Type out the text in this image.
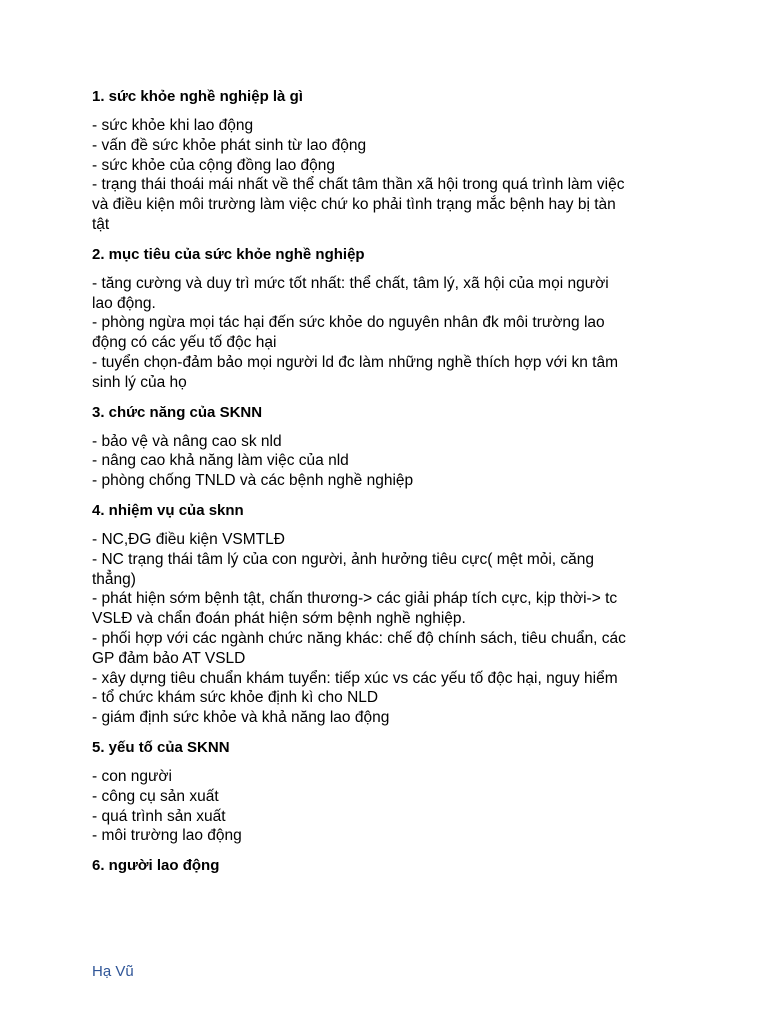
1. sức khỏe nghề nghiệp là gì
- sức khỏe khi lao động
- vấn đề sức khỏe phát sinh từ lao động
- sức khỏe của cộng đồng lao động
- trạng thái thoái mái nhất về thể chất tâm thần xã hội trong quá trình làm việc
và điều kiện môi trường làm việc chứ ko phải tình trạng mắc bệnh hay bị tàn
tật
2. mục tiêu của sức khỏe nghề nghiệp
- tăng cường và duy trì mức tốt nhất: thể chất, tâm lý, xã hội của mọi người
lao động.
- phòng ngừa mọi tác hại đến sức khỏe do nguyên nhân đk môi trường lao
động có các yếu tố độc hại
- tuyển chọn-đảm bảo mọi người ld đc làm những nghề thích hợp với kn tâm
sinh lý của họ
3. chức năng của SKNN
- bảo vệ và nâng cao sk nld
- nâng cao khả năng làm việc của nld
- phòng chống TNLD và các bệnh nghề nghiệp
4. nhiệm vụ của sknn
- NC,ĐG điều kiện VSMTLĐ
- NC trạng thái tâm lý của con người, ảnh hưởng tiêu cực( mệt mỏi, căng
thẳng)
- phát hiện sớm bệnh tật, chấn thương-> các giải pháp tích cực, kịp thời-> tc
VSLĐ và chẩn đoán phát hiện sớm bệnh nghề nghiệp.
- phối hợp với các ngành chức năng khác: chế độ chính sách, tiêu chuẩn, các
GP đảm bảo AT VSLD
- xây dựng tiêu chuẩn khám tuyển: tiếp xúc vs các yếu tố độc hại, nguy hiểm
- tổ chức khám sức khỏe định kì cho NLD
- giám định sức khỏe và khả năng lao động
5. yếu tố của SKNN
- con người
- công cụ sản xuất
- quá trình sản xuất
- môi trường lao động
6. người lao động
Hạ Vũ
